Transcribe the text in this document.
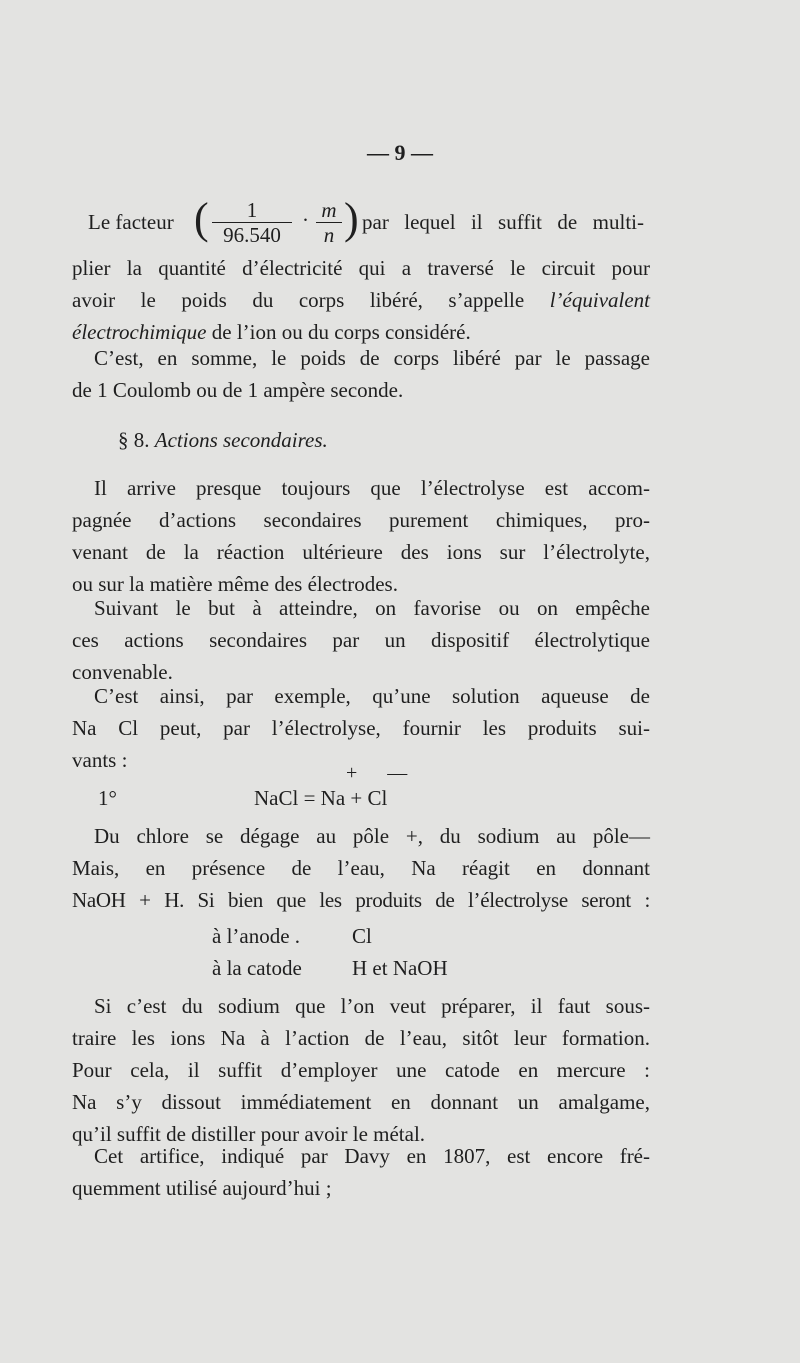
— 9 —
Le facteur ( $\frac{1}{96.540} \cdot \frac{m}{n}$ ) par lequel il suffit de multi-

plier la quantité d’électricité qui a traversé le circuit pour

avoir le poids du corps libéré, s’appelle l’équivalent

électrochimique de l’ion ou du corps considéré.

C’est, en somme, le poids de corps libéré par le passage

de 1 Coulomb ou de 1 ampère seconde.

§ 8. Actions secondaires.

Il arrive presque toujours que l’électrolyse est accom-

pagnée d’actions secondaires purement chimiques, pro-

venant de la réaction ultérieure des ions sur l’électrolyte,

ou sur la matière même des électrodes.

Suivant le but à atteindre, on favorise ou on empêche

ces actions secondaires par un dispositif électrolytique

convenable.

C’est ainsi, par exemple, qu’une solution aqueuse de

Na Cl peut, par l’électrolyse, fournir les produits sui-

vants :

+      —
1°	NaCl = Na + Cl

Du chlore se dégage au pôle +, du sodium au pôle—

Mais, en présence de l’eau, Na réagit en donnant

NaOH + H. Si bien que les produits de l’électrolyse seront :

à l’anode . Cl
à la catode H et NaOH

Si c’est du sodium que l’on veut préparer, il faut sous-

traire les ions Na à l’action de l’eau, sitôt leur formation.

Pour cela, il suffit d’employer une catode en mercure :

Na s’y dissout immédiatement en donnant un amalgame,

qu’il suffit de distiller pour avoir le métal.

Cet artifice, indiqué par Davy en 1807, est encore fré-

quemment utilisé aujourd’hui ;
